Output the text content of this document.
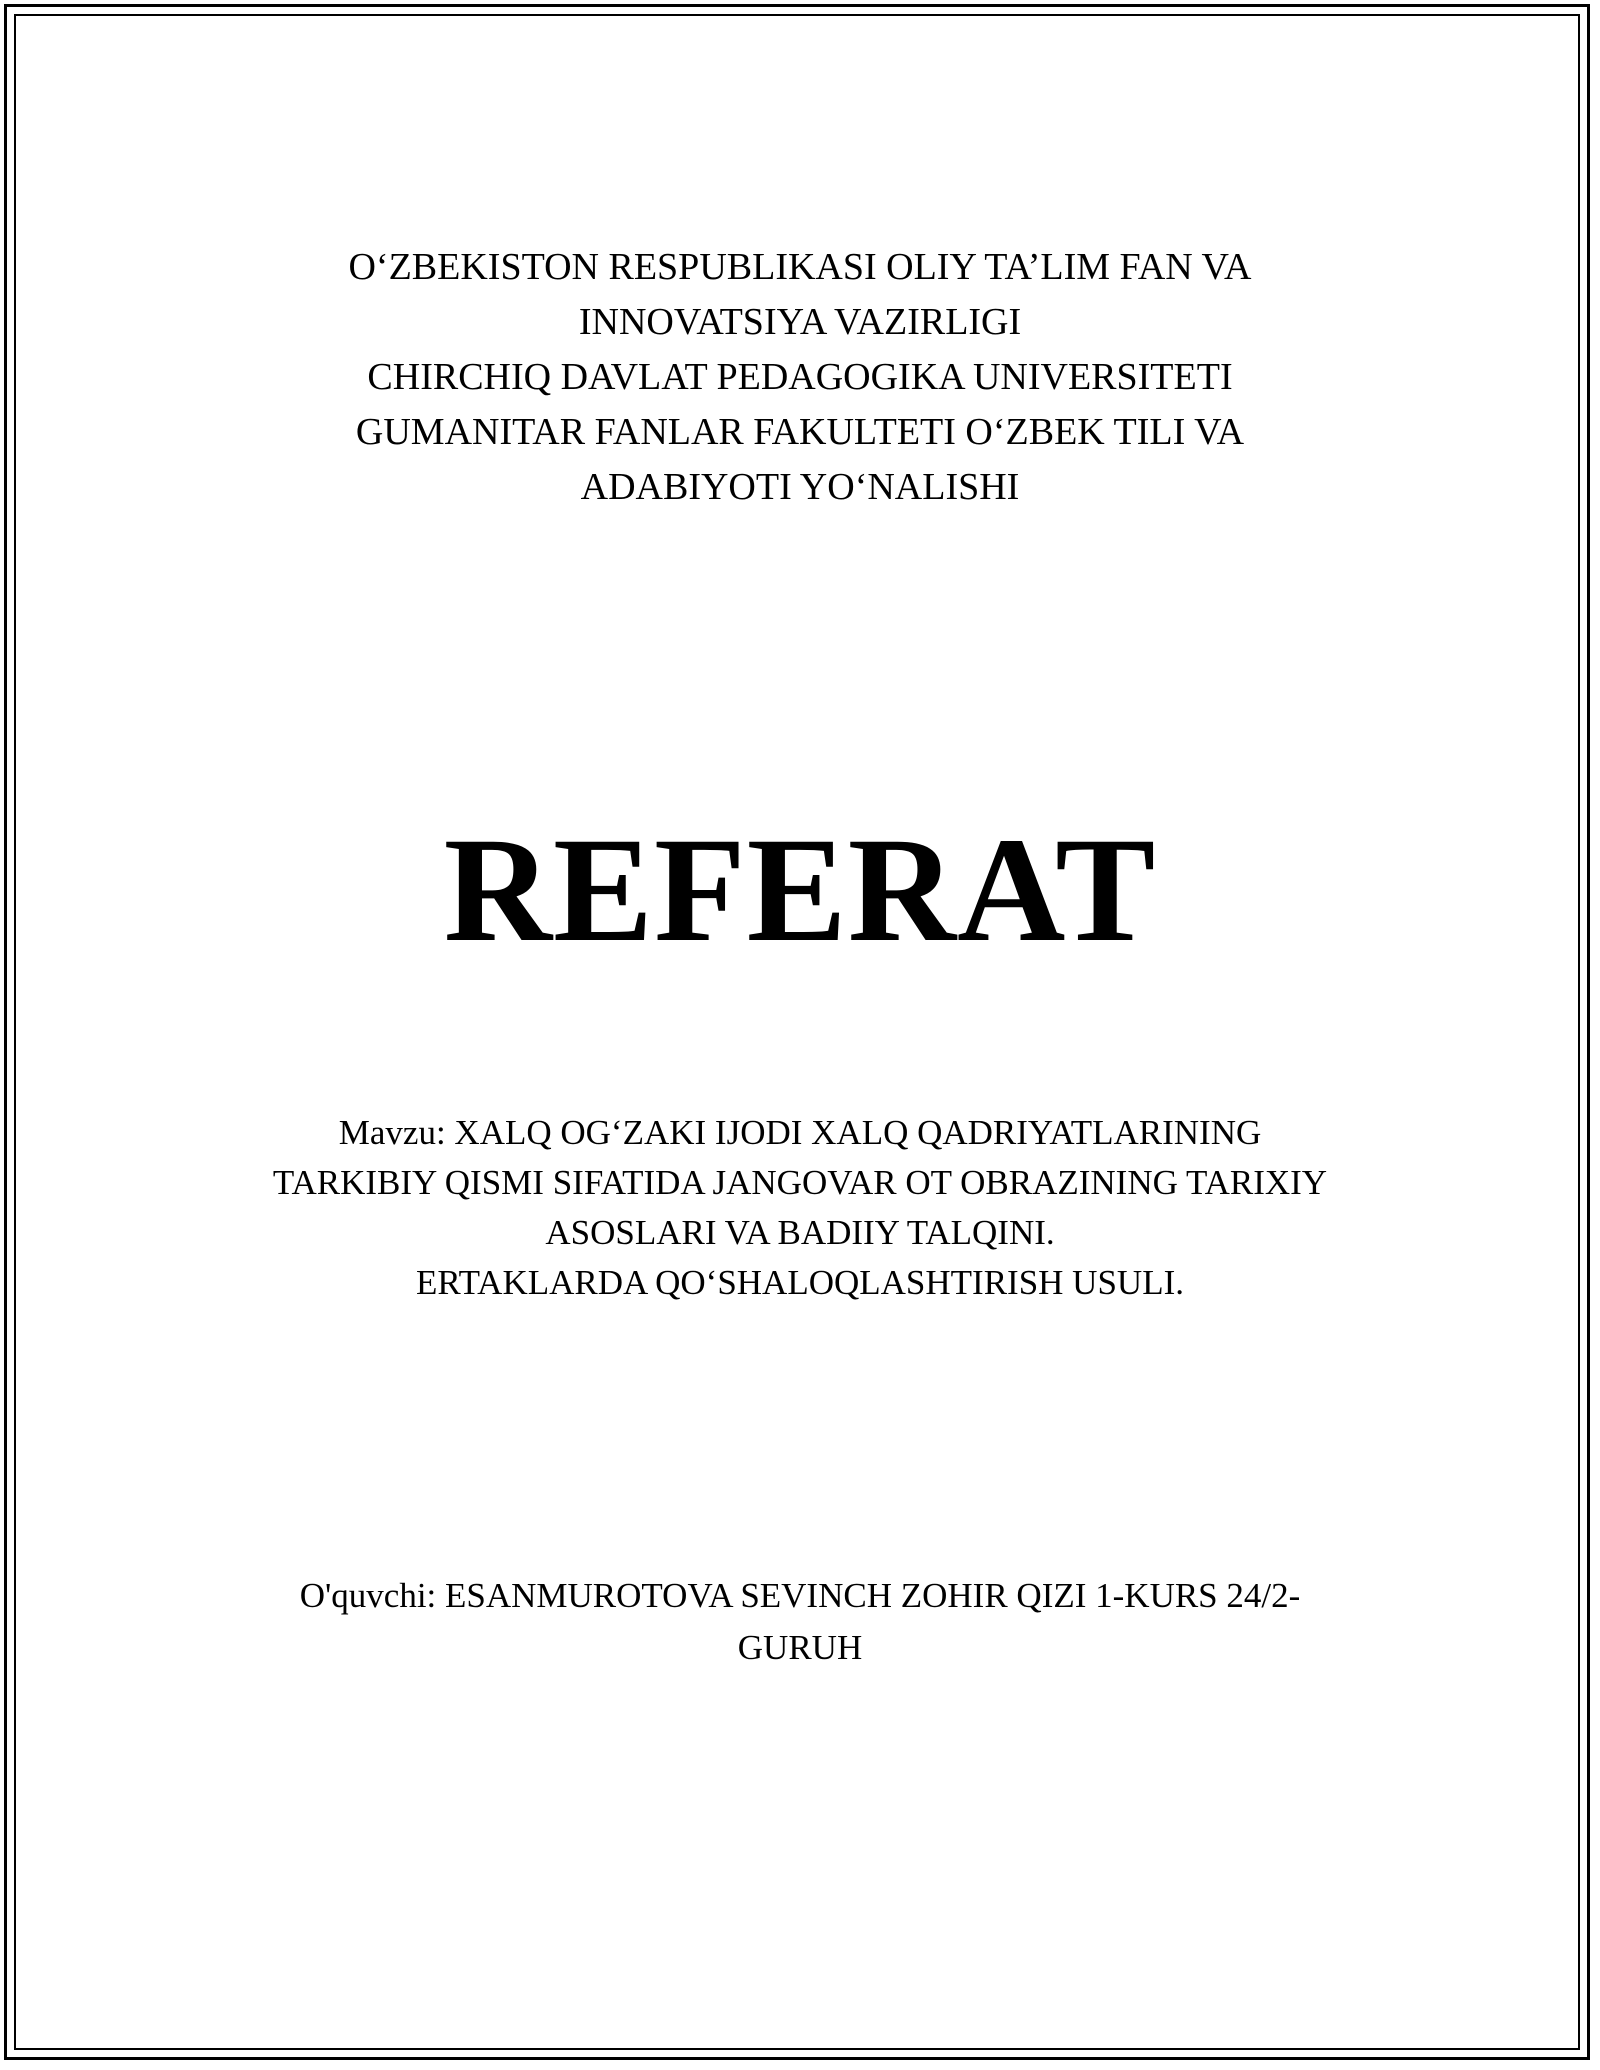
O‘ZBEKISTON RESPUBLIKASI OLIY TA’LIM FAN VA
INNOVATSIYA VAZIRLIGI
CHIRCHIQ DAVLAT PEDAGOGIKA UNIVERSITETI
GUMANITAR FANLAR FAKULTETI O‘ZBEK TILI VA
ADABIYOTI YO‘NALISHI
REFERAT
Mavzu: XALQ OG‘ZAKI IJODI XALQ QADRIYATLARINING
TARKIBIY QISMI SIFATIDA JANGOVAR OT OBRAZINING TARIXIY
ASOSLARI VA BADIIY TALQINI.
ERTAKLARDA QO‘SHALOQLASHTIRISH USULI.
O'quvchi: ESANMUROTOVA SEVINCH ZOHIR QIZI 1-KURS 24/2-
GURUH
